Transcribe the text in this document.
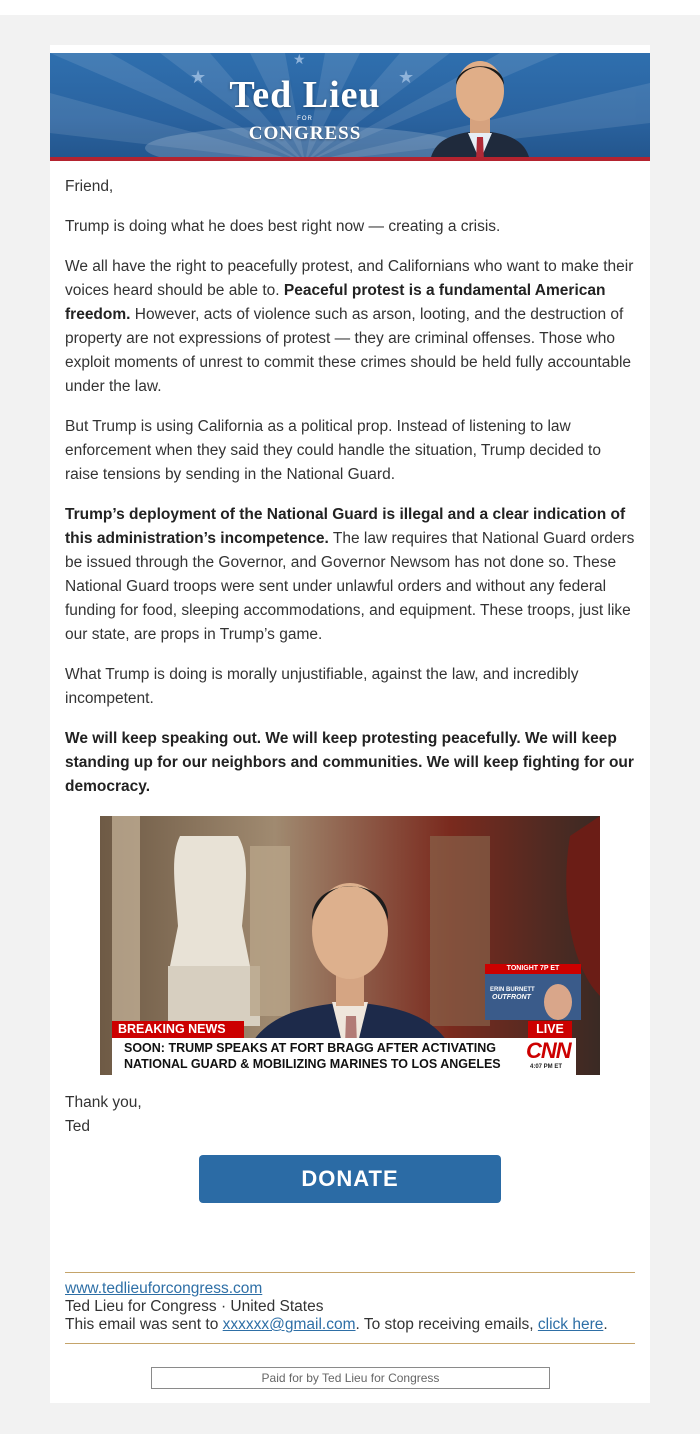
★
★
★
Ted Lieu
FOR
CONGRESS

Friend,

Trump is doing what he does best right now — creating a crisis.

We all have the right to peacefully protest, and Californians who want to make their voices heard should be able to. Peaceful protest is a fundamental American freedom. However, acts of violence such as arson, looting, and the destruction of property are not expressions of protest — they are criminal offenses. Those who exploit moments of unrest to commit these crimes should be held fully accountable under the law.

But Trump is using California as a political prop. Instead of listening to law enforcement when they said they could handle the situation, Trump decided to raise tensions by sending in the National Guard.

Trump’s deployment of the National Guard is illegal and a clear indication of this administration’s incompetence. The law requires that National Guard orders be issued through the Governor, and Governor Newsom has not done so. These National Guard troops were sent under unlawful orders and without any federal funding for food, sleeping accommodations, and equipment. These troops, just like our state, are props in Trump’s game.

What Trump is doing is morally unjustifiable, against the law, and incredibly incompetent.

We will keep speaking out. We will keep protesting peacefully. We will keep standing up for our neighbors and communities. We will keep fighting for our democracy.

TONIGHT 7P ET
ERIN BURNETT
OUTFRONT
BREAKING NEWS	LIVE
SOON: TRUMP SPEAKS AT FORT BRAGG AFTER ACTIVATING
NATIONAL GUARD & MOBILIZING MARINES TO LOS ANGELES
CNN
4:07 PM ET
Thank you,
Ted
DONATE
www.tedlieuforcongress.com
Ted Lieu for Congress · United States
This email was sent to xxxxxx@gmail.com. To stop receiving emails, click here.
Paid for by Ted Lieu for Congress
